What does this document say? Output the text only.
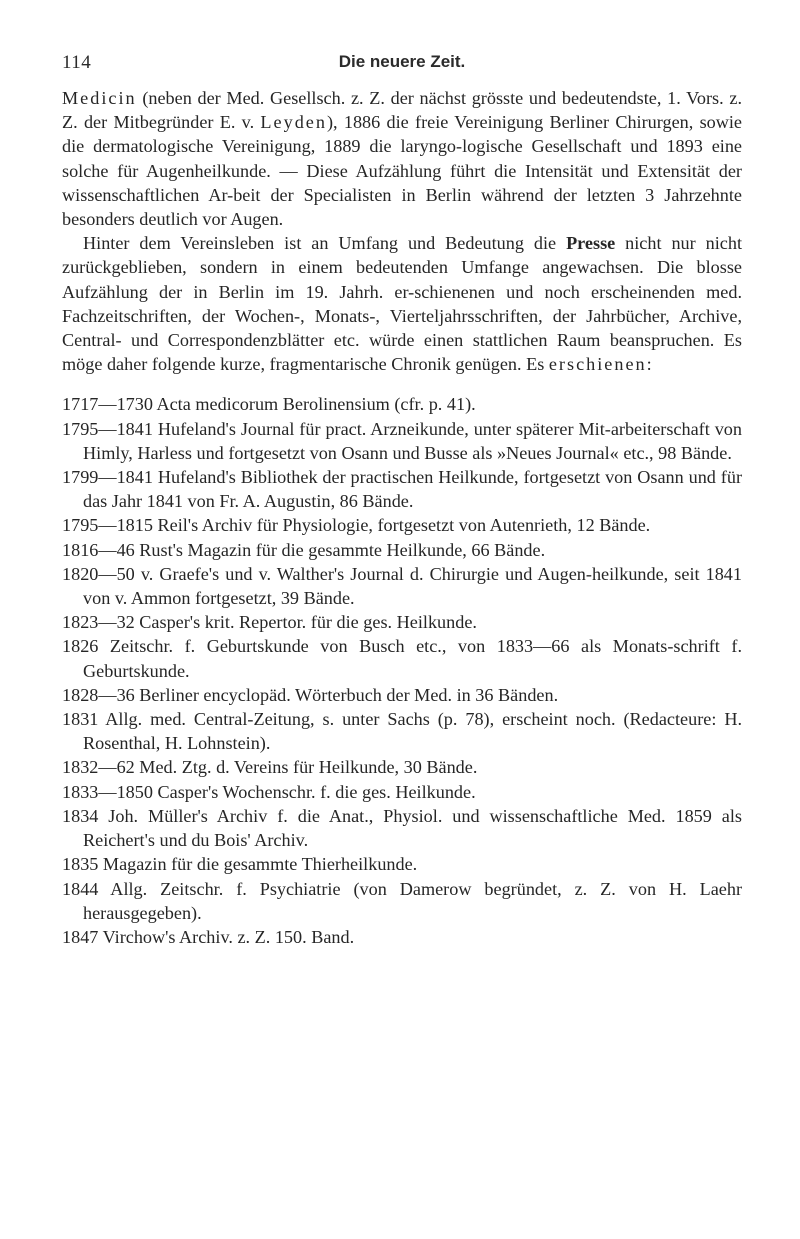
114	Die neuere Zeit.

Medicin (neben der Med. Gesellsch. z. Z. der nächst grösste und bedeutendste, 1. Vors. z. Z. der Mitbegründer E. v. Leyden), 1886 die freie Vereinigung Berliner Chirurgen, sowie die dermatologische Vereinigung, 1889 die laryngo-logische Gesellschaft und 1893 eine solche für Augenheilkunde. — Diese Aufzählung führt die Intensität und Extensität der wissenschaftlichen Ar-beit der Specialisten in Berlin während der letzten 3 Jahrzehnte besonders deutlich vor Augen.

Hinter dem Vereinsleben ist an Umfang und Bedeutung die Presse nicht nur nicht zurückgeblieben, sondern in einem bedeutenden Umfange angewachsen. Die blosse Aufzählung der in Berlin im 19. Jahrh. er-schienenen und noch erscheinenden med. Fachzeitschriften, der Wochen-, Monats-, Vierteljahrsschriften, der Jahrbücher, Archive, Central- und Correspondenzblätter etc. würde einen stattlichen Raum beanspruchen. Es möge daher folgende kurze, fragmentarische Chronik genügen. Es erschienen:

1717—1730 Acta medicorum Berolinensium (cfr. p. 41).
1795—1841 Hufeland's Journal für pract. Arzneikunde, unter späterer Mit-arbeiterschaft von Himly, Harless und fortgesetzt von Osann und Busse als »Neues Journal« etc., 98 Bände.
1799—1841 Hufeland's Bibliothek der practischen Heilkunde, fortgesetzt von Osann und für das Jahr 1841 von Fr. A. Augustin, 86 Bände.
1795—1815 Reil's Archiv für Physiologie, fortgesetzt von Autenrieth, 12 Bände.
1816—46 Rust's Magazin für die gesammte Heilkunde, 66 Bände.
1820—50 v. Graefe's und v. Walther's Journal d. Chirurgie und Augen-heilkunde, seit 1841 von v. Ammon fortgesetzt, 39 Bände.
1823—32 Casper's krit. Repertor. für die ges. Heilkunde.
1826 Zeitschr. f. Geburtskunde von Busch etc., von 1833—66 als Monats-schrift f. Geburtskunde.
1828—36 Berliner encyclopäd. Wörterbuch der Med. in 36 Bänden.
1831 Allg. med. Central-Zeitung, s. unter Sachs (p. 78), erscheint noch. (Redacteure: H. Rosenthal, H. Lohnstein).
1832—62 Med. Ztg. d. Vereins für Heilkunde, 30 Bände.
1833—1850 Casper's Wochenschr. f. die ges. Heilkunde.
1834 Joh. Müller's Archiv f. die Anat., Physiol. und wissenschaftliche Med. 1859 als Reichert's und du Bois' Archiv.
1835 Magazin für die gesammte Thierheilkunde.
1844 Allg. Zeitschr. f. Psychiatrie (von Damerow begründet, z. Z. von H. Laehr herausgegeben).
1847 Virchow's Archiv. z. Z. 150. Band.
